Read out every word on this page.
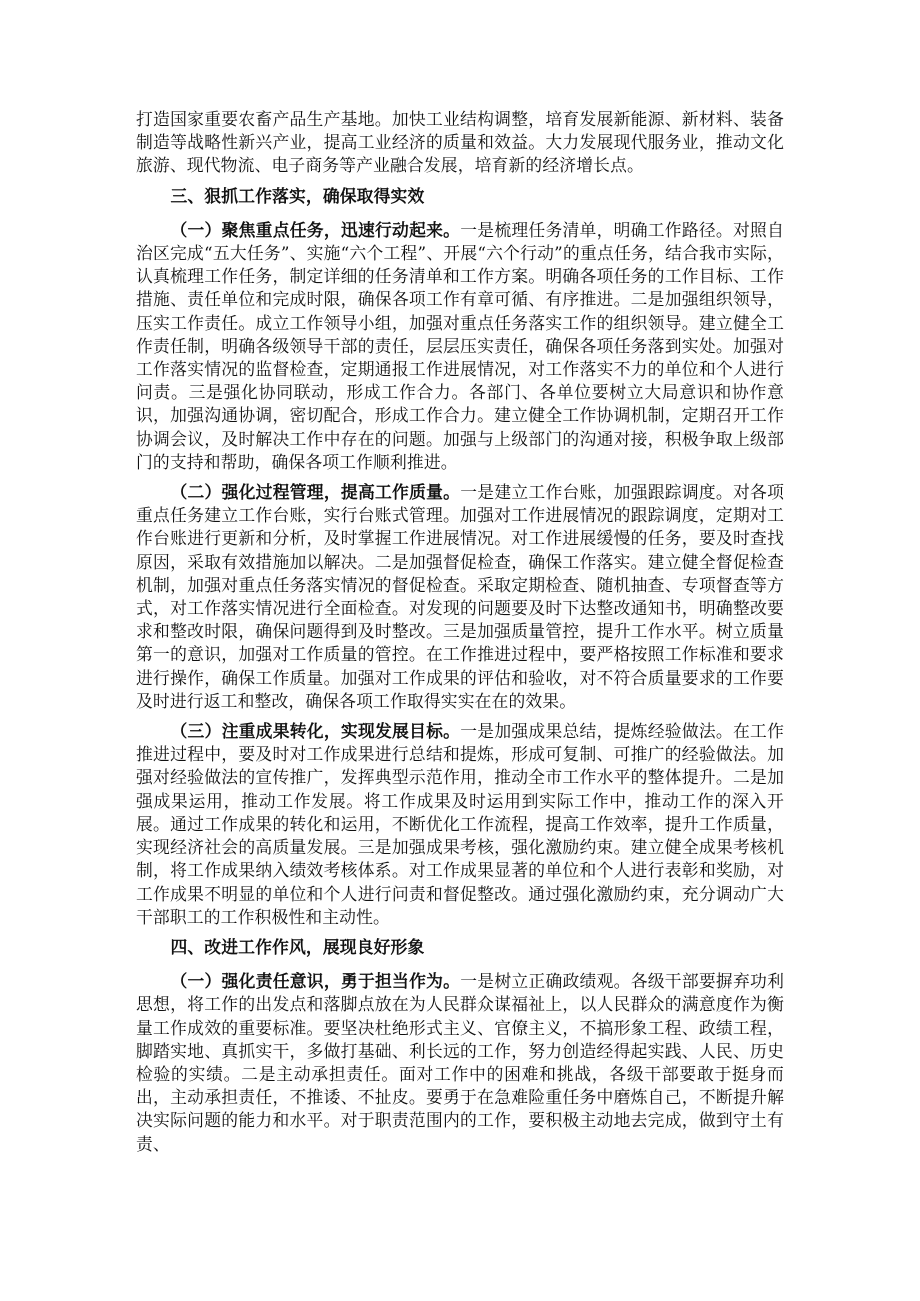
打造国家重要农畜产品生产基地。加快工业结构调整，培育发展新能源、新材料、装备制造等战略性新兴产业，提高工业经济的质量和效益。大力发展现代服务业，推动文化旅游、现代物流、电子商务等产业融合发展，培育新的经济增长点。

三、狠抓工作落实，确保取得实效

（一）聚焦重点任务，迅速行动起来。一是梳理任务清单，明确工作路径。对照自治区完成“五大任务”、实施“六个工程”、开展“六个行动”的重点任务，结合我市实际，认真梳理工作任务，制定详细的任务清单和工作方案。明确各项任务的工作目标、工作措施、责任单位和完成时限，确保各项工作有章可循、有序推进。二是加强组织领导，压实工作责任。成立工作领导小组，加强对重点任务落实工作的组织领导。建立健全工作责任制，明确各级领导干部的责任，层层压实责任，确保各项任务落到实处。加强对工作落实情况的监督检查，定期通报工作进展情况，对工作落实不力的单位和个人进行问责。三是强化协同联动，形成工作合力。各部门、各单位要树立大局意识和协作意识，加强沟通协调，密切配合，形成工作合力。建立健全工作协调机制，定期召开工作协调会议，及时解决工作中存在的问题。加强与上级部门的沟通对接，积极争取上级部门的支持和帮助，确保各项工作顺利推进。

（二）强化过程管理，提高工作质量。一是建立工作台账，加强跟踪调度。对各项重点任务建立工作台账，实行台账式管理。加强对工作进展情况的跟踪调度，定期对工作台账进行更新和分析，及时掌握工作进展情况。对工作进展缓慢的任务，要及时查找原因，采取有效措施加以解决。二是加强督促检查，确保工作落实。建立健全督促检查机制，加强对重点任务落实情况的督促检查。采取定期检查、随机抽查、专项督查等方式，对工作落实情况进行全面检查。对发现的问题要及时下达整改通知书，明确整改要求和整改时限，确保问题得到及时整改。三是加强质量管控，提升工作水平。树立质量第一的意识，加强对工作质量的管控。在工作推进过程中，要严格按照工作标准和要求进行操作，确保工作质量。加强对工作成果的评估和验收，对不符合质量要求的工作要及时进行返工和整改，确保各项工作取得实实在在的效果。

（三）注重成果转化，实现发展目标。一是加强成果总结，提炼经验做法。在工作推进过程中，要及时对工作成果进行总结和提炼，形成可复制、可推广的经验做法。加强对经验做法的宣传推广，发挥典型示范作用，推动全市工作水平的整体提升。二是加强成果运用，推动工作发展。将工作成果及时运用到实际工作中，推动工作的深入开展。通过工作成果的转化和运用，不断优化工作流程，提高工作效率，提升工作质量，实现经济社会的高质量发展。三是加强成果考核，强化激励约束。建立健全成果考核机制，将工作成果纳入绩效考核体系。对工作成果显著的单位和个人进行表彰和奖励，对工作成果不明显的单位和个人进行问责和督促整改。通过强化激励约束，充分调动广大干部职工的工作积极性和主动性。

四、改进工作作风，展现良好形象

（一）强化责任意识，勇于担当作为。一是树立正确政绩观。各级干部要摒弃功利思想，将工作的出发点和落脚点放在为人民群众谋福祉上，以人民群众的满意度作为衡量工作成效的重要标准。要坚决杜绝形式主义、官僚主义，不搞形象工程、政绩工程，脚踏实地、真抓实干，多做打基础、利长远的工作，努力创造经得起实践、人民、历史检验的实绩。二是主动承担责任。面对工作中的困难和挑战，各级干部要敢于挺身而出，主动承担责任，不推诿、不扯皮。要勇于在急难险重任务中磨炼自己，不断提升解决实际问题的能力和水平。对于职责范围内的工作，要积极主动地去完成，做到守土有责、
